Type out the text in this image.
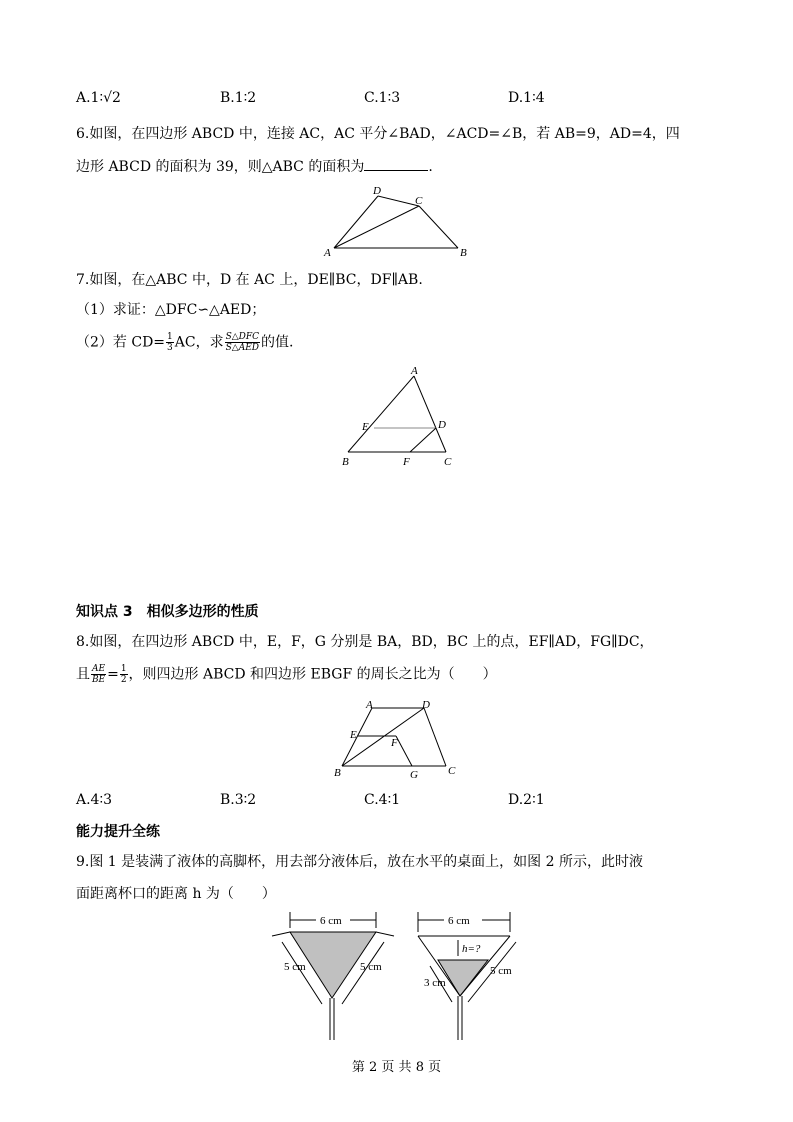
A.1∶√2	B.1∶2	C.1∶3	D.1∶4
6.如图，在四边形 ABCD 中，连接 AC，AC 平分∠BAD，∠ACD=∠B，若 AB=9，AD=4，四
边形 ABCD 的面积为 39，则△ABC 的面积为	.
A	B
C
D
7.如图，在△ABC 中，D 在 AC 上，DE∥BC，DF∥AB.
（1）求证：△DFC∽△AED；
（2）若 $CD= \frac{1}{3}$ AC，求 $\frac{\text{S△DFC}}{\text{S△AED}}$ 的值.
A
B	C
D
E
F
知识点 3　相似多边形的性质
8.如图，在四边形 ABCD 中，E，F，G 分别是 BA，BD，BC 上的点，EF∥AD，FG∥DC，
且 $\frac{AE}{BE} = \frac{1}{2}$ ，则四边形 ABCD 和四边形 EBGF 的周长之比为（　　）
A
B	C
D
E
F
G
A.4∶3	B.3∶2	C.4∶1	D.2∶1
能力提升全练
9.图 1 是装满了液体的高脚杯，用去部分液体后，放在水平的桌面上，如图 2 所示，此时液
面距离杯口的距离 h 为（　　）
6 cm
5 cm	5 cm
6 cm
h=?
3 cm
5 cm
第 2 页 共 8 页
